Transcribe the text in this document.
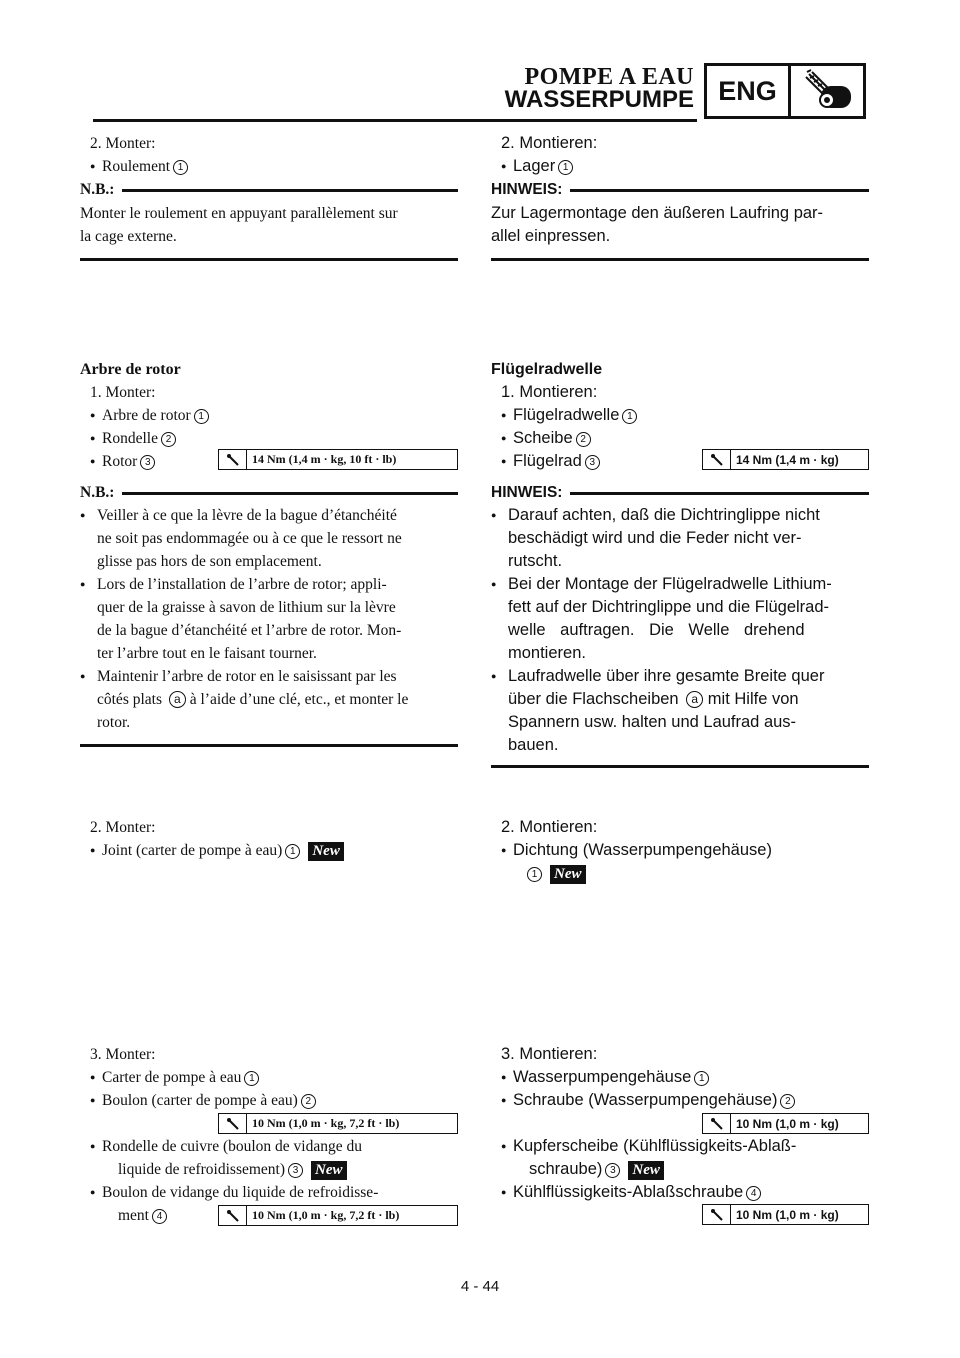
POMPE A EAU
WASSERPUMPE ENG
2. Monter:
● Roulement 1
N.B.:
Monter le roulement en appuyant parallèlement sur
la cage externe.
Arbre de rotor
1. Monter:
● Arbre de rotor 1
● Rondelle 2
● Rotor 3	14 Nm (1,4 m · kg, 10 ft · lb)
N.B.:
● Veiller à ce que la lèvre de la bague d’étanchéité
ne soit pas endommagée ou à ce que le ressort ne
glisse pas hors de son emplacement.
● Lors de l’installation de l’arbre de rotor; appli-
quer de la graisse à savon de lithium sur la lèvre
de la bague d’étanchéité et l’arbre de rotor. Mon-
ter l’arbre tout en le faisant tourner.
● Maintenir l’arbre de rotor en le saisissant par les
côtés plats a à l’aide d’une clé, etc., et monter le
rotor.
2. Monter:
● Joint (carter de pompe à eau) 1 New
3. Monter:
● Carter de pompe à eau 1
● Boulon (carter de pompe à eau) 2
10 Nm (1,0 m · kg, 7,2 ft · lb)
● Rondelle de cuivre (boulon de vidange du
liquide de refroidissement) 3 New
● Boulon de vidange du liquide de refroidisse-
ment 4	10 Nm (1,0 m · kg, 7,2 ft · lb)
2. Montieren:
● Lager 1
HINWEIS:
Zur Lagermontage den äußeren Laufring par-
allel einpressen.
Flügelradwelle
1. Montieren:
● Flügelradwelle 1
● Scheibe 2
● Flügelrad 3	14 Nm (1,4 m · kg)
HINWEIS:
● Darauf achten, daß die Dichtringlippe nicht
beschädigt wird und die Feder nicht ver-
rutscht.
● Bei der Montage der Flügelradwelle Lithium-
fett auf der Dichtringlippe und die Flügelrad-
welle auftragen. Die Welle drehend
montieren.
● Laufradwelle über ihre gesamte Breite quer
über die Flachscheiben a mit Hilfe von
Spannern usw. halten und Laufrad aus-
bauen.
2. Montieren:
● Dichtung (Wasserpumpengehäuse)
1 New
3. Montieren:
● Wasserpumpengehäuse 1
● Schraube (Wasserpumpengehäuse) 2
10 Nm (1,0 m · kg)
● Kupferscheibe (Kühlflüssigkeits-Ablaß-
schraube) 3 New
● Kühlflüssigkeits-Ablaßschraube 4
10 Nm (1,0 m · kg)
4 - 44
